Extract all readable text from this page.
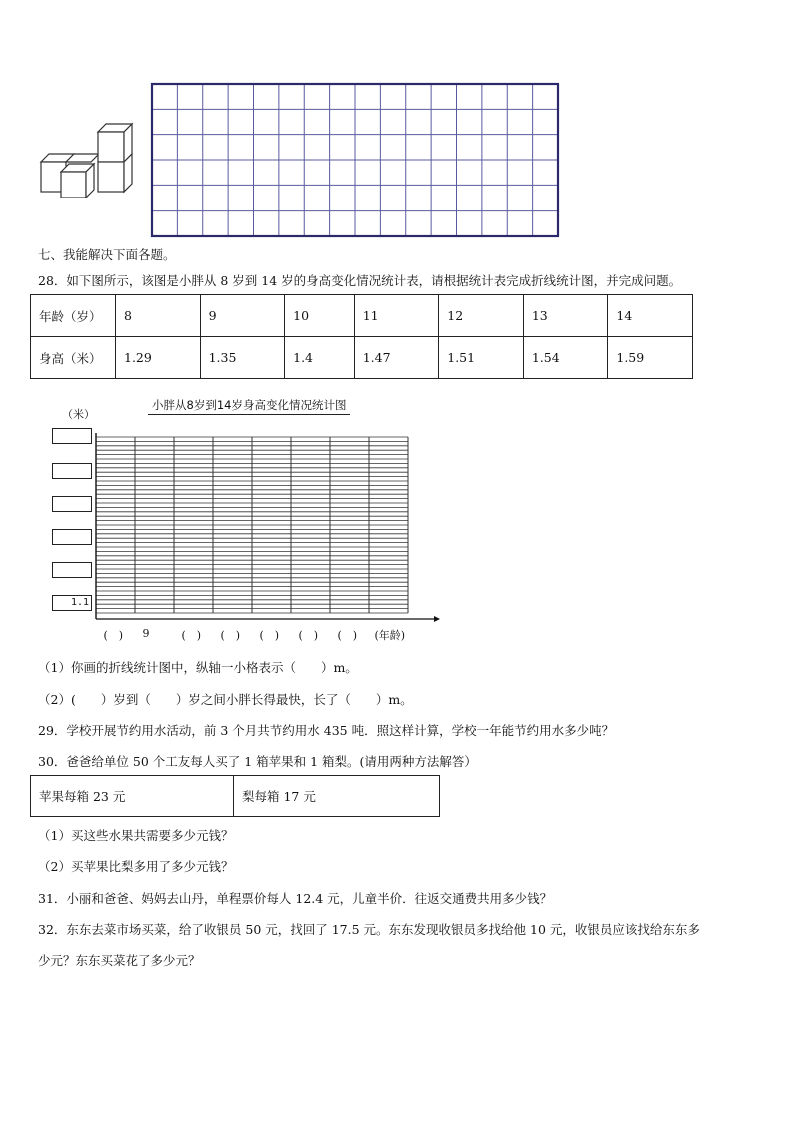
七、我能解决下面各题。
28．如下图所示，该图是小胖从 8 岁到 14 岁的身高变化情况统计表，请根据统计表完成折线统计图，并完成问题。
年龄（岁）	8	9	10	11	12	13	14
身高（米）	1.29	1.35	1.4	1.47	1.51	1.54	1.59
（米）
小胖从8岁到14岁身高变化情况统计图
1.1
(　) 9	(　) (　) (　) (　) (　) (年龄)
（1）你画的折线统计图中，纵轴一小格表示（　　）m。
（2）(　　）岁到（　　）岁之间小胖长得最快，长了（　　）m。
29．学校开展节约用水活动，前 3 个月共节约用水 435 吨．照这样计算，学校一年能节约用水多少吨？
30．爸爸给单位 50 个工友每人买了 1 箱苹果和 1 箱梨。(请用两种方法解答）
苹果每箱 23 元	梨每箱 17 元
（1）买这些水果共需要多少元钱？
（2）买苹果比梨多用了多少元钱？
31．小丽和爸爸、妈妈去山丹，单程票价每人 12.4 元，儿童半价．往返交通费共用多少钱？
32．东东去菜市场买菜，给了收银员 50 元，找回了 17.5 元。东东发现收银员多找给他 10 元，收银员应该找给东东多
少元？东东买菜花了多少元？
